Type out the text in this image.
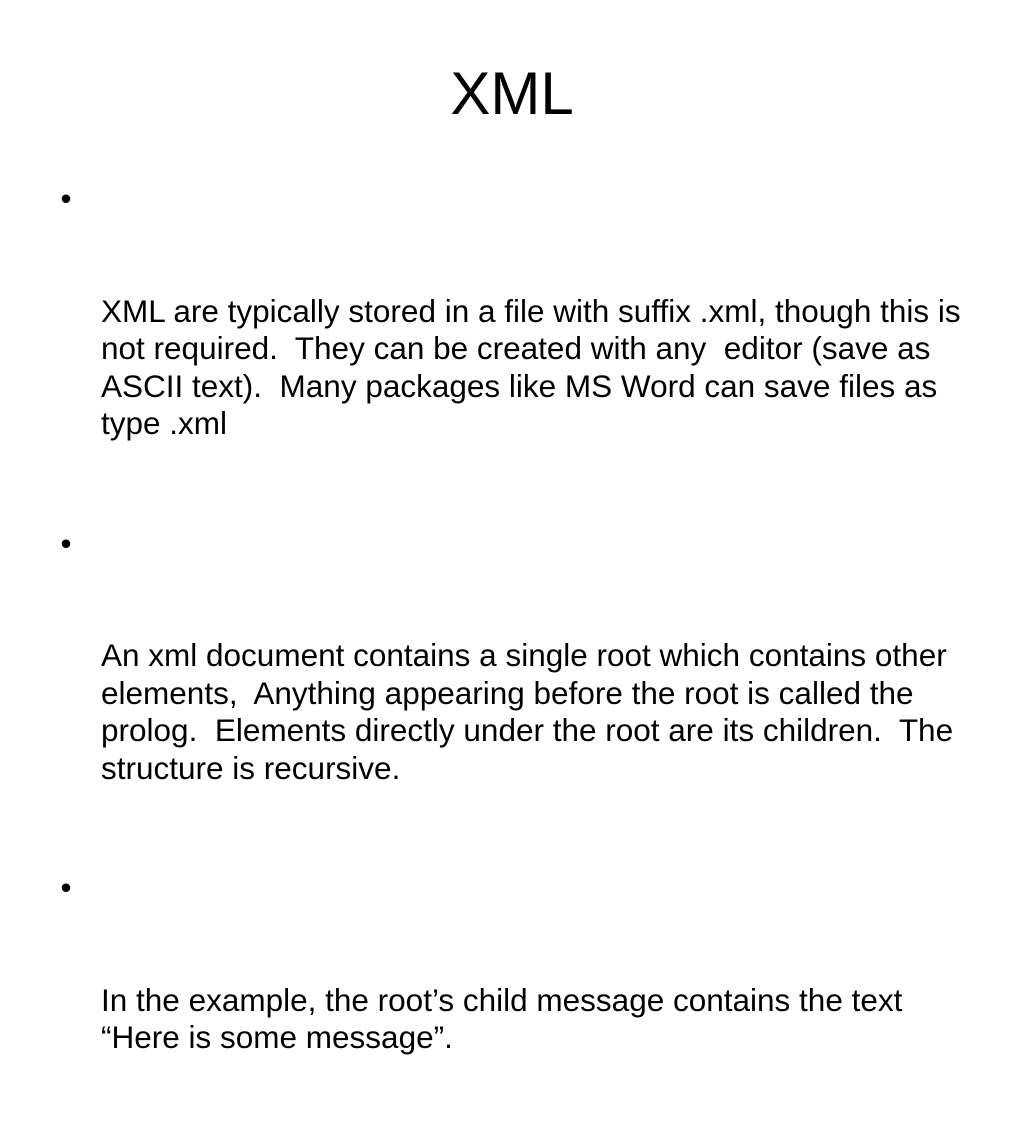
XML

•

XML are typically stored in a file with suffix .xml, though this is not required.  They can be created with any  editor (save as ASCII text).  Many packages like MS Word can save files as type .xml

•

An xml document contains a single root which contains other elements,  Anything appearing before the root is called the prolog.  Elements directly under the root are its children.  The structure is recursive.

•

In the example, the root’s child message contains the text “Here is some message”.
